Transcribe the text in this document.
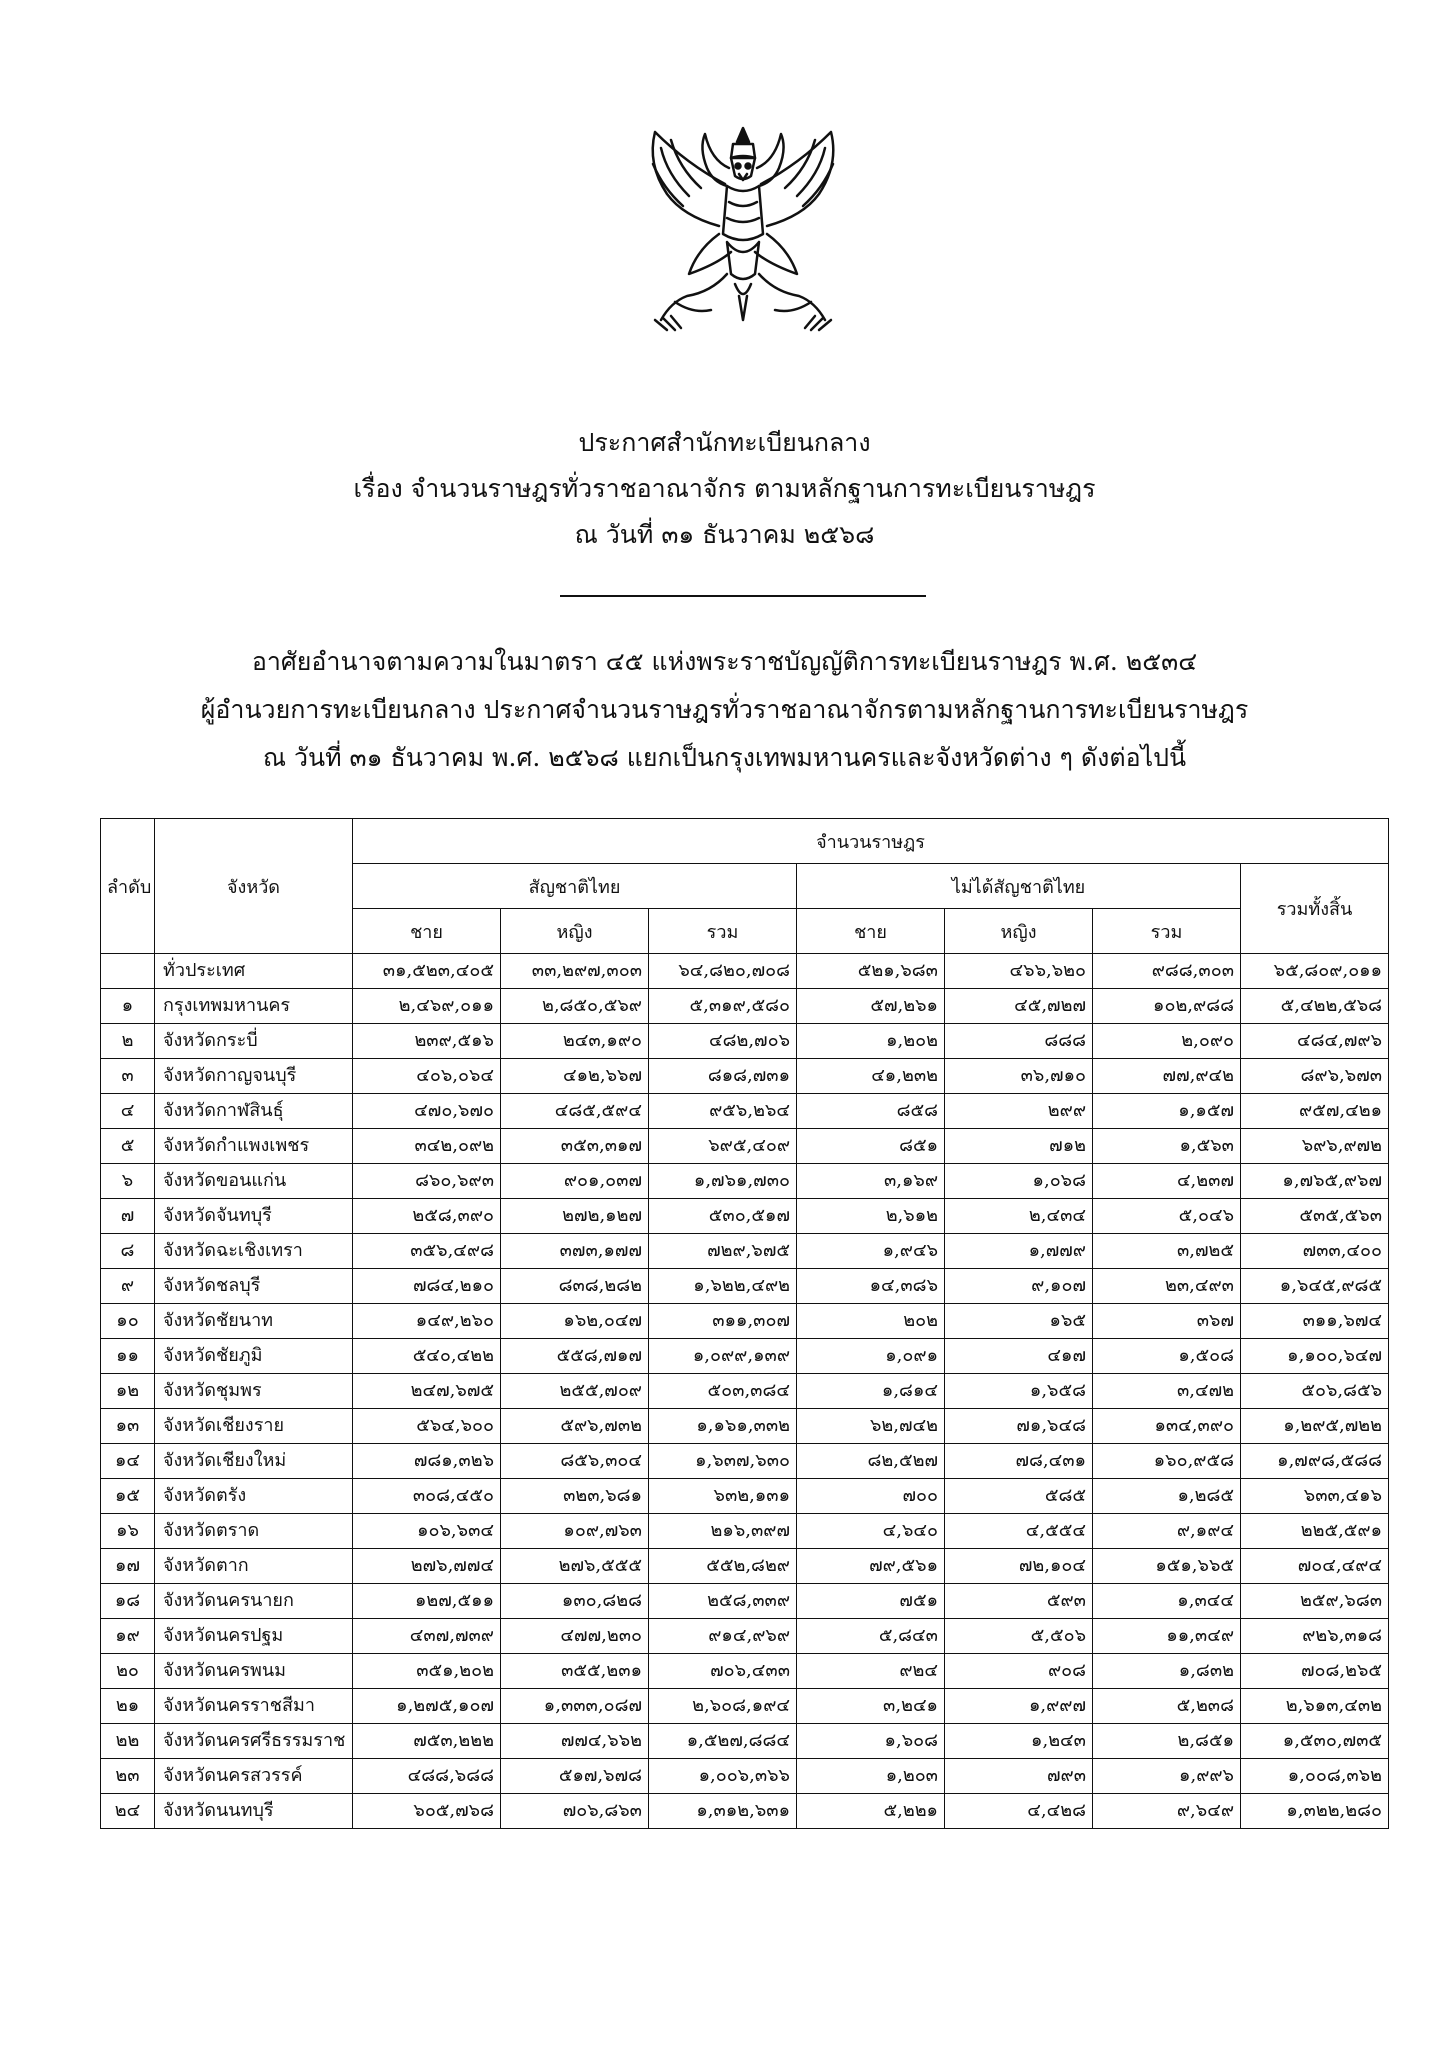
ประกาศสำนักทะเบียนกลาง
เรื่อง จำนวนราษฎรทั่วราชอาณาจักร ตามหลักฐานการทะเบียนราษฎร
ณ วันที่ ๓๑ ธันวาคม ๒๕๖๘
อาศัยอำนาจตามความในมาตรา ๔๕ แห่งพระราชบัญญัติการทะเบียนราษฎร พ.ศ. ๒๕๓๔
ผู้อำนวยการทะเบียนกลาง ประกาศจำนวนราษฎรทั่วราชอาณาจักรตามหลักฐานการทะเบียนราษฎร
ณ วันที่ ๓๑ ธันวาคม พ.ศ. ๒๕๖๘ แยกเป็นกรุงเทพมหานครและจังหวัดต่าง ๆ ดังต่อไปนี้
ลำดับ	จังหวัด	จำนวนราษฎร						
		สัญชาติไทย			ไม่ได้สัญชาติไทย			รวมทั้งสิ้น
		ชาย	หญิง	รวม	ชาย	หญิง	รวม	
	ทั่วประเทศ	๓๑,๕๒๓,๔๐๕	๓๓,๒๙๗,๓๐๓	๖๔,๘๒๐,๗๐๘	๕๒๑,๖๘๓	๔๖๖,๖๒๐	๙๘๘,๓๐๓	๖๕,๘๐๙,๐๑๑
๑	กรุงเทพมหานคร	๒,๔๖๙,๐๑๑	๒,๘๕๐,๕๖๙	๕,๓๑๙,๕๘๐	๕๗,๒๖๑	๔๕,๗๒๗	๑๐๒,๙๘๘	๕,๔๒๒,๕๖๘
๒	จังหวัดกระบี่	๒๓๙,๕๑๖	๒๔๓,๑๙๐	๔๘๒,๗๐๖	๑,๒๐๒	๘๘๘	๒,๐๙๐	๔๘๔,๗๙๖
๓	จังหวัดกาญจนบุรี	๔๐๖,๐๖๔	๔๑๒,๖๖๗	๘๑๘,๗๓๑	๔๑,๒๓๒	๓๖,๗๑๐	๗๗,๙๔๒	๘๙๖,๖๗๓
๔	จังหวัดกาฬสินธุ์	๔๗๐,๖๗๐	๔๘๕,๕๙๔	๙๕๖,๒๖๔	๘๕๘	๒๙๙	๑,๑๕๗	๙๕๗,๔๒๑
๕	จังหวัดกำแพงเพชร	๓๔๒,๐๙๒	๓๕๓,๓๑๗	๖๙๕,๔๐๙	๘๕๑	๗๑๒	๑,๕๖๓	๖๙๖,๙๗๒
๖	จังหวัดขอนแก่น	๘๖๐,๖๙๓	๙๐๑,๐๓๗	๑,๗๖๑,๗๓๐	๓,๑๖๙	๑,๐๖๘	๔,๒๓๗	๑,๗๖๕,๙๖๗
๗	จังหวัดจันทบุรี	๒๕๘,๓๙๐	๒๗๒,๑๒๗	๕๓๐,๕๑๗	๒,๖๑๒	๒,๔๓๔	๕,๐๔๖	๕๓๕,๕๖๓
๘	จังหวัดฉะเชิงเทรา	๓๕๖,๔๙๘	๓๗๓,๑๗๗	๗๒๙,๖๗๕	๑,๙๔๖	๑,๗๗๙	๓,๗๒๕	๗๓๓,๔๐๐
๙	จังหวัดชลบุรี	๗๘๔,๒๑๐	๘๓๘,๒๘๒	๑,๖๒๒,๔๙๒	๑๔,๓๘๖	๙,๑๐๗	๒๓,๔๙๓	๑,๖๔๕,๙๘๕
๑๐	จังหวัดชัยนาท	๑๔๙,๒๖๐	๑๖๒,๐๔๗	๓๑๑,๓๐๗	๒๐๒	๑๖๕	๓๖๗	๓๑๑,๖๗๔
๑๑	จังหวัดชัยภูมิ	๕๔๐,๔๒๒	๕๕๘,๗๑๗	๑,๐๙๙,๑๓๙	๑,๐๙๑	๔๑๗	๑,๕๐๘	๑,๑๐๐,๖๔๗
๑๒	จังหวัดชุมพร	๒๔๗,๖๗๕	๒๕๕,๗๐๙	๕๐๓,๓๘๔	๑,๘๑๔	๑,๖๕๘	๓,๔๗๒	๕๐๖,๘๕๖
๑๓	จังหวัดเชียงราย	๕๖๔,๖๐๐	๕๙๖,๗๓๒	๑,๑๖๑,๓๓๒	๖๒,๗๔๒	๗๑,๖๔๘	๑๓๔,๓๙๐	๑,๒๙๕,๗๒๒
๑๔	จังหวัดเชียงใหม่	๗๘๑,๓๒๖	๘๕๖,๓๐๔	๑,๖๓๗,๖๓๐	๘๒,๕๒๗	๗๘,๔๓๑	๑๖๐,๙๕๘	๑,๗๙๘,๕๘๘
๑๕	จังหวัดตรัง	๓๐๘,๔๕๐	๓๒๓,๖๘๑	๖๓๒,๑๓๑	๗๐๐	๕๘๕	๑,๒๘๕	๖๓๓,๔๑๖
๑๖	จังหวัดตราด	๑๐๖,๖๓๔	๑๐๙,๗๖๓	๒๑๖,๓๙๗	๔,๖๔๐	๔,๕๕๔	๙,๑๙๔	๒๒๕,๕๙๑
๑๗	จังหวัดตาก	๒๗๖,๗๗๔	๒๗๖,๕๕๕	๕๕๒,๘๒๙	๗๙,๕๖๑	๗๒,๑๐๔	๑๕๑,๖๖๕	๗๐๔,๔๙๔
๑๘	จังหวัดนครนายก	๑๒๗,๕๑๑	๑๓๐,๘๒๘	๒๕๘,๓๓๙	๗๕๑	๕๙๓	๑,๓๔๔	๒๕๙,๖๘๓
๑๙	จังหวัดนครปฐม	๔๓๗,๗๓๙	๔๗๗,๒๓๐	๙๑๔,๙๖๙	๕,๘๔๓	๕,๕๐๖	๑๑,๓๔๙	๙๒๖,๓๑๘
๒๐	จังหวัดนครพนม	๓๕๑,๒๐๒	๓๕๕,๒๓๑	๗๐๖,๔๓๓	๙๒๔	๙๐๘	๑,๘๓๒	๗๐๘,๒๖๕
๒๑	จังหวัดนครราชสีมา	๑,๒๗๕,๑๐๗	๑,๓๓๓,๐๘๗	๒,๖๐๘,๑๙๔	๓,๒๔๑	๑,๙๙๗	๕,๒๓๘	๒,๖๑๓,๔๓๒
๒๒	จังหวัดนครศรีธรรมราช	๗๕๓,๒๒๒	๗๗๔,๖๖๒	๑,๕๒๗,๘๘๔	๑,๖๐๘	๑,๒๔๓	๒,๘๕๑	๑,๕๓๐,๗๓๕
๒๓	จังหวัดนครสวรรค์	๔๘๘,๖๘๘	๕๑๗,๖๗๘	๑,๐๐๖,๓๖๖	๑,๒๐๓	๗๙๓	๑,๙๙๖	๑,๐๐๘,๓๖๒
๒๔	จังหวัดนนทบุรี	๖๐๕,๗๖๘	๗๐๖,๘๖๓	๑,๓๑๒,๖๓๑	๕,๒๒๑	๔,๔๒๘	๙,๖๔๙	๑,๓๒๒,๒๘๐
